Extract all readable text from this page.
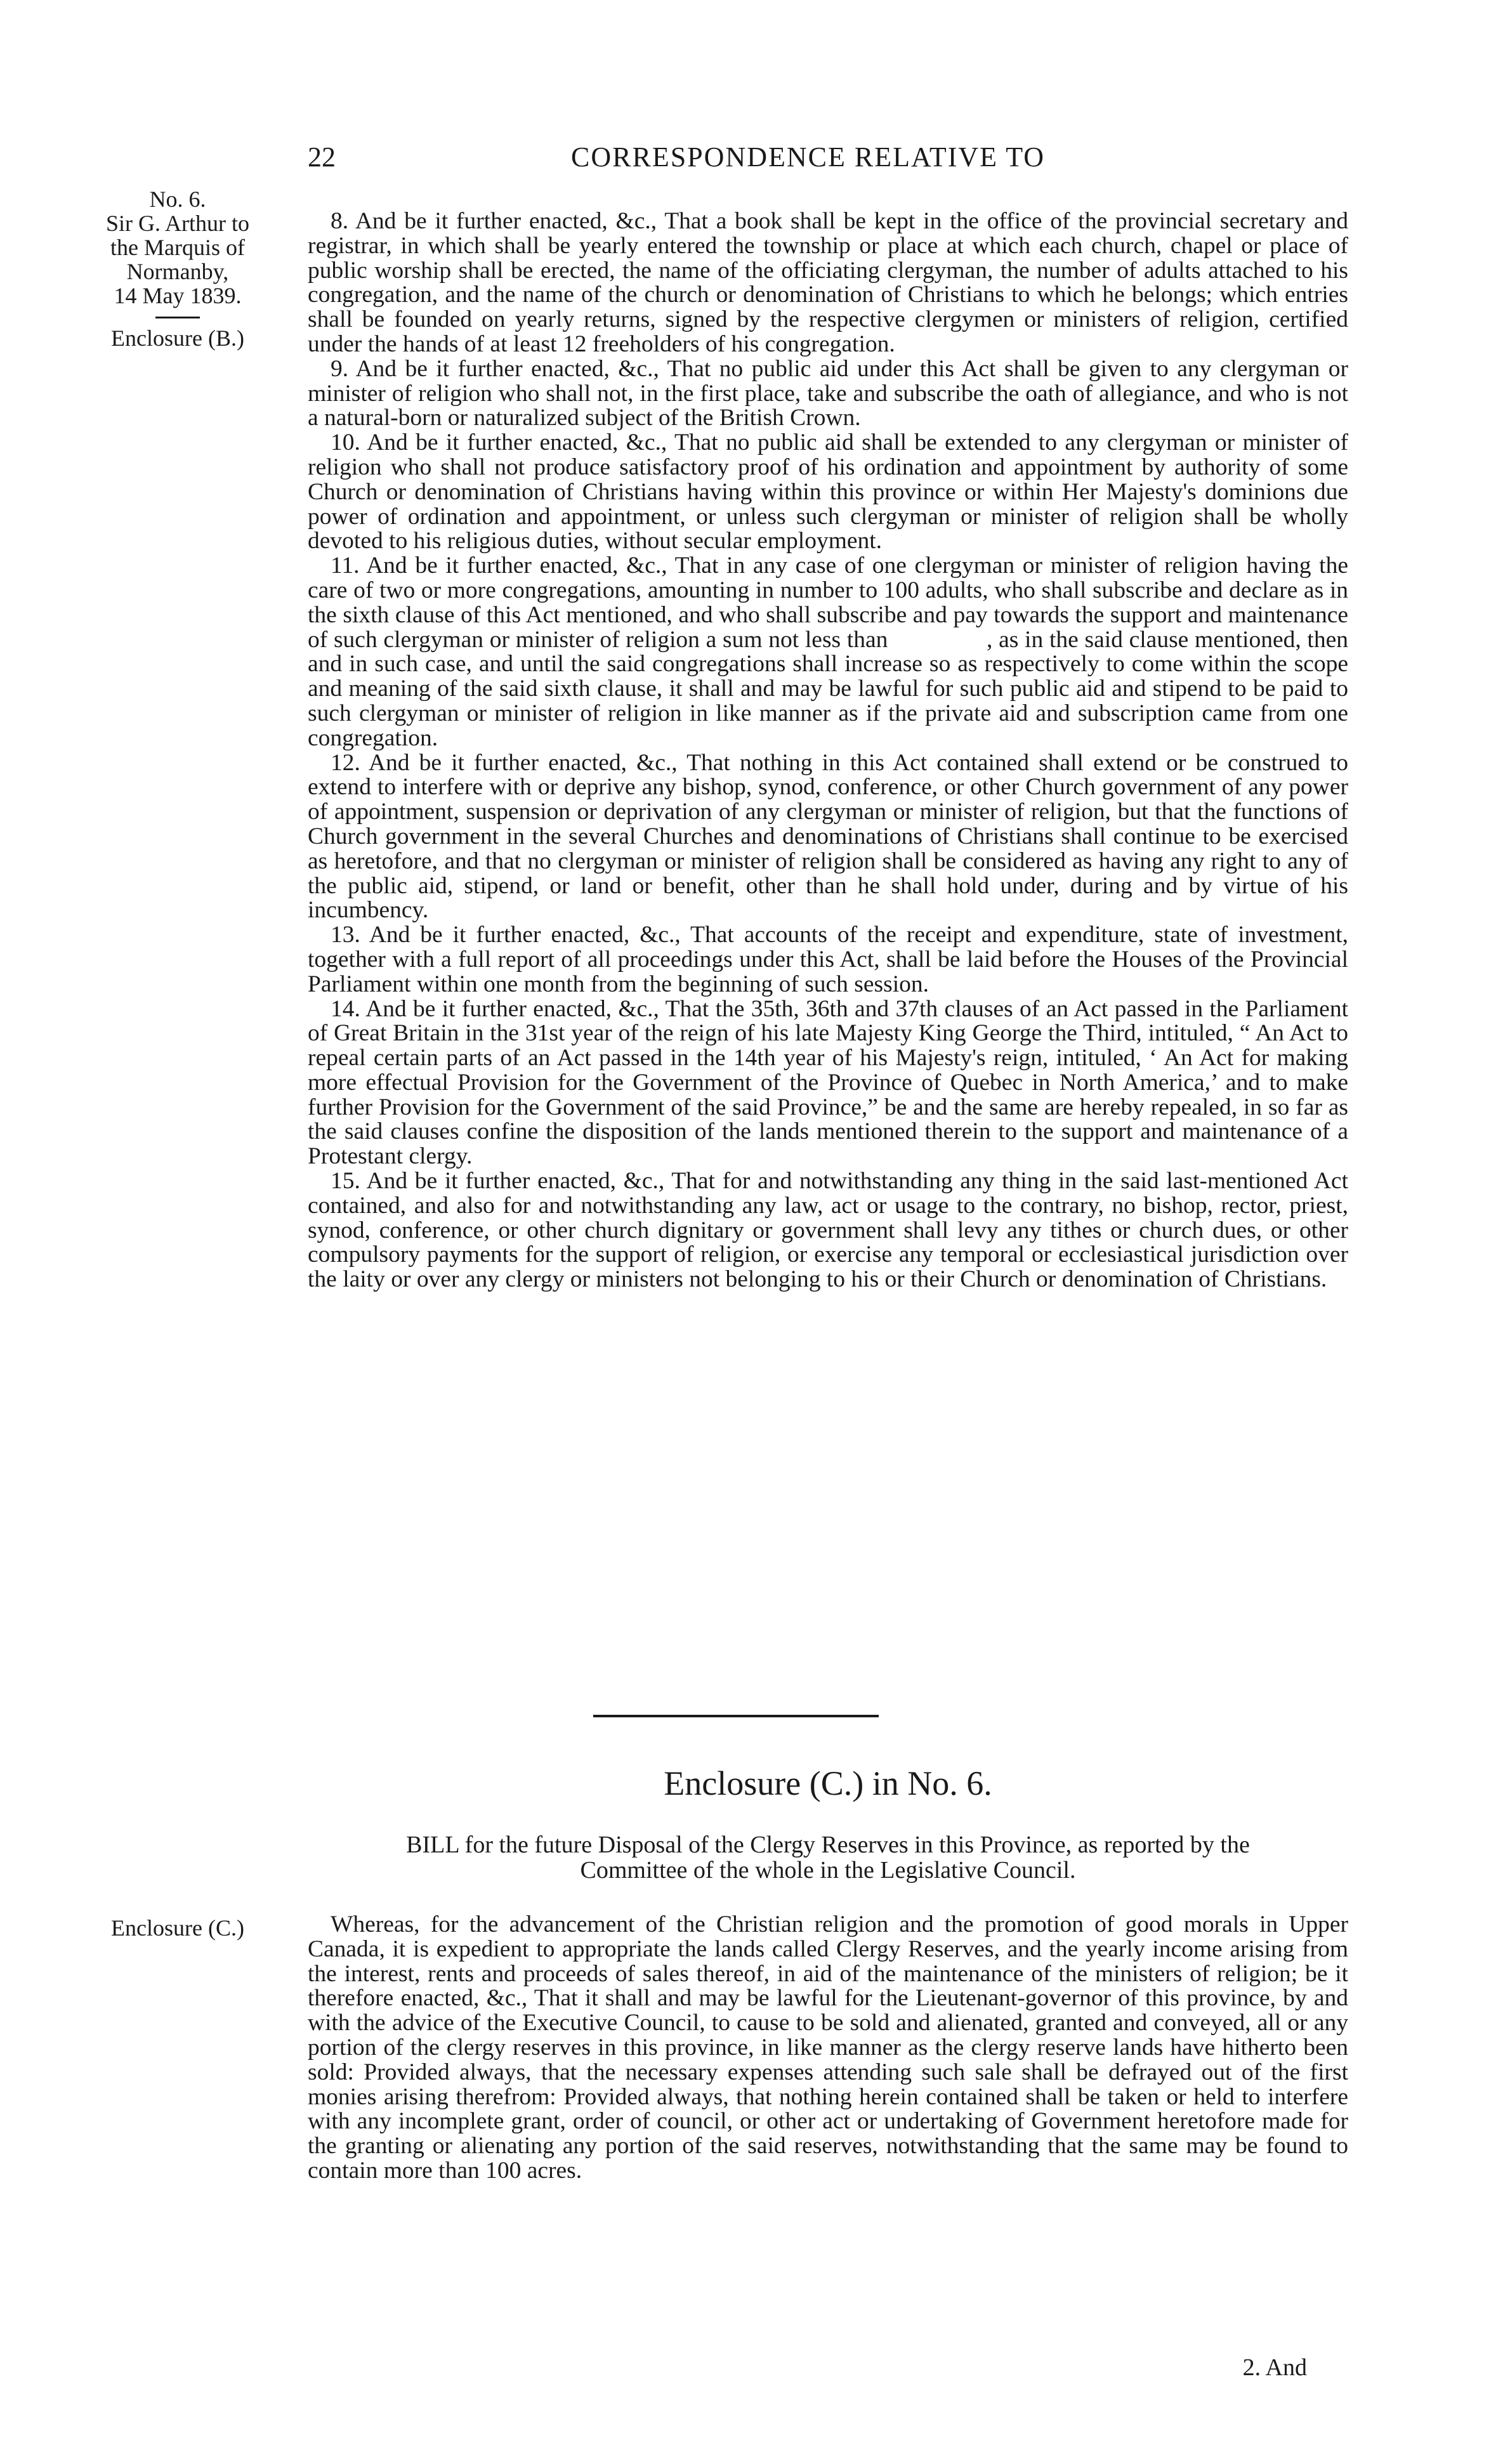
22	CORRESPONDENCE RELATIVE TO
No. 6.
Sir G. Arthur to
the Marquis of
Normanby,
14 May 1839.
Enclosure (B.)

8. And be it further enacted, &c., That a book shall be kept in the office of the provincial secretary and registrar, in which shall be yearly entered the township or place at which each church, chapel or place of public worship shall be erected, the name of the officiating clergyman, the number of adults attached to his congregation, and the name of the church or denomination of Christians to which he belongs; which entries shall be founded on yearly returns, signed by the respective clergymen or ministers of religion, certified under the hands of at least 12 freeholders of his congregation.

9. And be it further enacted, &c., That no public aid under this Act shall be given to any clergyman or minister of religion who shall not, in the first place, take and subscribe the oath of allegiance, and who is not a natural-born or naturalized subject of the British Crown.

10. And be it further enacted, &c., That no public aid shall be extended to any clergyman or minister of religion who shall not produce satisfactory proof of his ordination and appointment by authority of some Church or denomination of Christians having within this province or within Her Majesty's dominions due power of ordination and appointment, or unless such clergyman or minister of religion shall be wholly devoted to his religious duties, without secular employment.

11. And be it further enacted, &c., That in any case of one clergyman or minister of religion having the care of two or more congregations, amounting in number to 100 adults, who shall subscribe and declare as in the sixth clause of this Act mentioned, and who shall subscribe and pay towards the support and maintenance of such clergyman or minister of religion a sum not less than                , as in the said clause mentioned, then and in such case, and until the said congregations shall increase so as respectively to come within the scope and meaning of the said sixth clause, it shall and may be lawful for such public aid and stipend to be paid to such clergyman or minister of religion in like manner as if the private aid and subscription came from one congregation.

12. And be it further enacted, &c., That nothing in this Act contained shall extend or be construed to extend to interfere with or deprive any bishop, synod, conference, or other Church government of any power of appointment, suspension or deprivation of any clergyman or minister of religion, but that the functions of Church government in the several Churches and denominations of Christians shall continue to be exercised as heretofore, and that no clergyman or minister of religion shall be considered as having any right to any of the public aid, stipend, or land or benefit, other than he shall hold under, during and by virtue of his incumbency.

13. And be it further enacted, &c., That accounts of the receipt and expenditure, state of investment, together with a full report of all proceedings under this Act, shall be laid before the Houses of the Provincial Parliament within one month from the beginning of such session.

14. And be it further enacted, &c., That the 35th, 36th and 37th clauses of an Act passed in the Parliament of Great Britain in the 31st year of the reign of his late Majesty King George the Third, intituled, “ An Act to repeal certain parts of an Act passed in the 14th year of his Majesty's reign, intituled, ‘ An Act for making more effectual Provision for the Government of the Province of Quebec in North America,’ and to make further Provision for the Government of the said Province,” be and the same are hereby repealed, in so far as the said clauses confine the disposition of the lands mentioned therein to the support and maintenance of a Protestant clergy.

15. And be it further enacted, &c., That for and notwithstanding any thing in the said last-mentioned Act contained, and also for and notwithstanding any law, act or usage to the contrary, no bishop, rector, priest, synod, conference, or other church dignitary or government shall levy any tithes or church dues, or other compulsory payments for the support of religion, or exercise any temporal or ecclesiastical jurisdiction over the laity or over any clergy or ministers not belonging to his or their Church or denomination of Christians.

Enclosure (C.) in No. 6.
BILL for the future Disposal of the Clergy Reserves in this Province, as reported by the
Committee of the whole in the Legislative Council.
Enclosure (C.)	Whereas, for the advancement of the Christian religion and the promotion of good morals in Upper Canada, it is expedient to appropriate the lands called Clergy Reserves, and the yearly income arising from the interest, rents and proceeds of sales thereof, in aid of the maintenance of the ministers of religion; be it therefore enacted, &c., That it shall and may be lawful for the Lieutenant-governor of this province, by and with the advice of the Executive Council, to cause to be sold and alienated, granted and conveyed, all or any portion of the clergy reserves in this province, in like manner as the clergy reserve lands have hitherto been sold: Provided always, that the necessary expenses attending such sale shall be defrayed out of the first monies arising therefrom: Provided always, that nothing herein contained shall be taken or held to interfere with any incomplete grant, order of council, or other act or undertaking of Government heretofore made for the granting or alienating any portion of the said reserves, notwithstanding that the same may be found to contain more than 100 acres.

2. And
